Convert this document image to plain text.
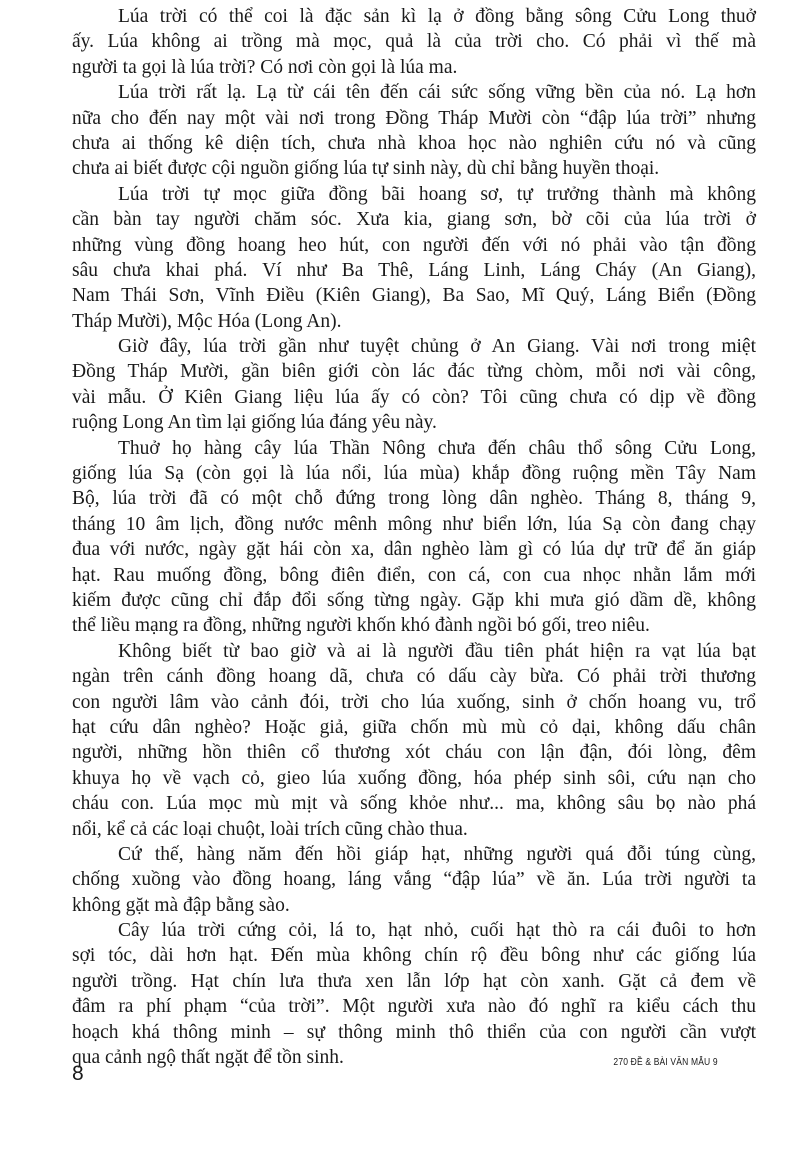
Lúa trời có thể coi là đặc sản kì lạ ở đồng bằng sông Cửu Long thuở
ấy. Lúa không ai trồng mà mọc, quả là của trời cho. Có phải vì thế mà
người ta gọi là lúa trời? Có nơi còn gọi là lúa ma.
Lúa trời rất lạ. Lạ từ cái tên đến cái sức sống vững bền của nó. Lạ hơn
nữa cho đến nay một vài nơi trong Đồng Tháp Mười còn “đập lúa trời” nhưng
chưa ai thống kê diện tích, chưa nhà khoa học nào nghiên cứu nó và cũng
chưa ai biết được cội nguồn giống lúa tự sinh này, dù chỉ bằng huyền thoại.
Lúa trời tự mọc giữa đồng bãi hoang sơ, tự trưởng thành mà không
cần bàn tay người chăm sóc. Xưa kia, giang sơn, bờ cõi của lúa trời ở
những vùng đồng hoang heo hút, con người đến với nó phải vào tận đồng
sâu chưa khai phá. Ví như Ba Thê, Láng Linh, Láng Cháy (An Giang),
Nam Thái Sơn, Vĩnh Điều (Kiên Giang), Ba Sao, Mĩ Quý, Láng Biển (Đồng
Tháp Mười), Mộc Hóa (Long An).
Giờ đây, lúa trời gần như tuyệt chủng ở An Giang. Vài nơi trong miệt
Đồng Tháp Mười, gần biên giới còn lác đác từng chòm, mỗi nơi vài công,
vài mẫu. Ở Kiên Giang liệu lúa ấy có còn? Tôi cũng chưa có dịp về đồng
ruộng Long An tìm lại giống lúa đáng yêu này.
Thuở họ hàng cây lúa Thần Nông chưa đến châu thổ sông Cửu Long,
giống lúa Sạ (còn gọi là lúa nổi, lúa mùa) khắp đồng ruộng mền Tây Nam
Bộ, lúa trời đã có một chỗ đứng trong lòng dân nghèo. Tháng 8, tháng 9,
tháng 10 âm lịch, đồng nước mênh mông như biển lớn, lúa Sạ còn đang chạy
đua với nước, ngày gặt hái còn xa, dân nghèo làm gì có lúa dự trữ để ăn giáp
hạt. Rau muống đồng, bông điên điển, con cá, con cua nhọc nhằn lắm mới
kiếm được cũng chỉ đắp đổi sống từng ngày. Gặp khi mưa gió dầm dề, không
thể liều mạng ra đồng, những người khốn khó đành ngồi bó gối, treo niêu.
Không biết từ bao giờ và ai là người đầu tiên phát hiện ra vạt lúa bạt
ngàn trên cánh đồng hoang dã, chưa có dấu cày bừa. Có phải trời thương
con người lâm vào cảnh đói, trời cho lúa xuống, sinh ở chốn hoang vu, trổ
hạt cứu dân nghèo? Hoặc giả, giữa chốn mù mù cỏ dại, không dấu chân
người, những hồn thiên cổ thương xót cháu con lận đận, đói lòng, đêm
khuya họ về vạch cỏ, gieo lúa xuống đồng, hóa phép sinh sôi, cứu nạn cho
cháu con. Lúa mọc mù mịt và sống khỏe như... ma, không sâu bọ nào phá
nổi, kể cả các loại chuột, loài trích cũng chào thua.
Cứ thế, hàng năm đến hồi giáp hạt, những người quá đỗi túng cùng,
chống xuồng vào đồng hoang, láng vắng “đập lúa” về ăn. Lúa trời người ta
không gặt mà đập bằng sào.
Cây lúa trời cứng cỏi, lá to, hạt nhỏ, cuối hạt thò ra cái đuôi to hơn
sợi tóc, dài hơn hạt. Đến mùa không chín rộ đều bông như các giống lúa
người trồng. Hạt chín lưa thưa xen lẫn lớp hạt còn xanh. Gặt cả đem về
đâm ra phí phạm “của trời”. Một người xưa nào đó nghĩ ra kiểu cách thu
hoạch khá thông minh – sự thông minh thô thiển của con người cần vượt
qua cảnh ngộ thất ngặt để tồn sinh.
8	270 ĐỀ & BÀI VĂN MẪU 9
